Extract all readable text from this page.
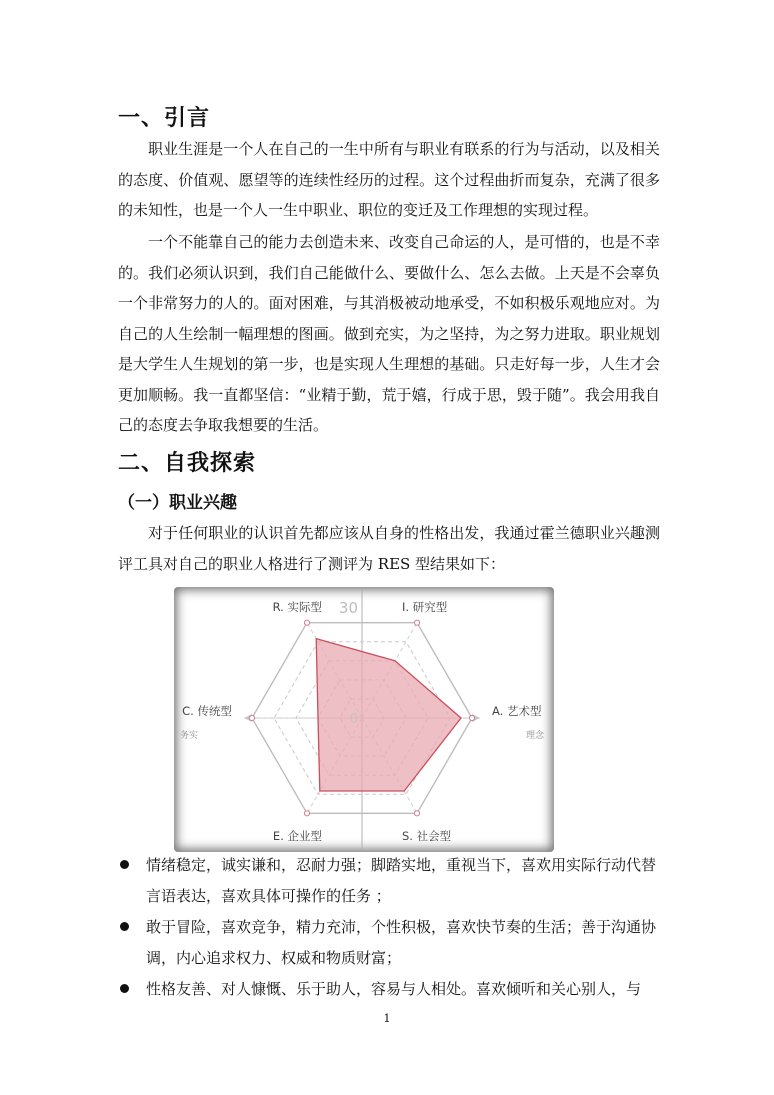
一、引言

职业生涯是一个人在自己的一生中所有与职业有联系的行为与活动，以及相关的态度、价值观、愿望等的连续性经历的过程。这个过程曲折而复杂，充满了很多的未知性，也是一个人一生中职业、职位的变迁及工作理想的实现过程。

一个不能靠自己的能力去创造未来、改变自己命运的人，是可惜的，也是不幸的。我们必须认识到，我们自己能做什么、要做什么、怎么去做。上天是不会辜负一个非常努力的人的。面对困难，与其消极被动地承受，不如积极乐观地应对。为自己的人生绘制一幅理想的图画。做到充实，为之坚持，为之努力进取。职业规划是大学生人生规划的第一步，也是实现人生理想的基础。只走好每一步，人生才会更加顺畅。我一直都坚信：“业精于勤，荒于嬉，行成于思，毁于随”。我会用我自己的态度去争取我想要的生活。

二、自我探索
（一）职业兴趣

对于任何职业的认识首先都应该从自身的性格出发，我通过霍兰德职业兴趣测评工具对自己的职业人格进行了测评为 RES 型结果如下：

30
0
R. 实际型	I. 研究型
A. 艺术型
S. 社会型
E. 企业型
C. 传统型
务实	理念
情绪稳定，诚实谦和，忍耐力强；脚踏实地，重视当下，喜欢用实际行动代替言语表达，喜欢具体可操作的任务 ；
敢于冒险，喜欢竞争，精力充沛，个性积极，喜欢快节奏的生活；善于沟通协调，内心追求权力、权威和物质财富；
性格友善、对人慷慨、乐于助人，容易与人相处。喜欢倾听和关心别人，与
1
